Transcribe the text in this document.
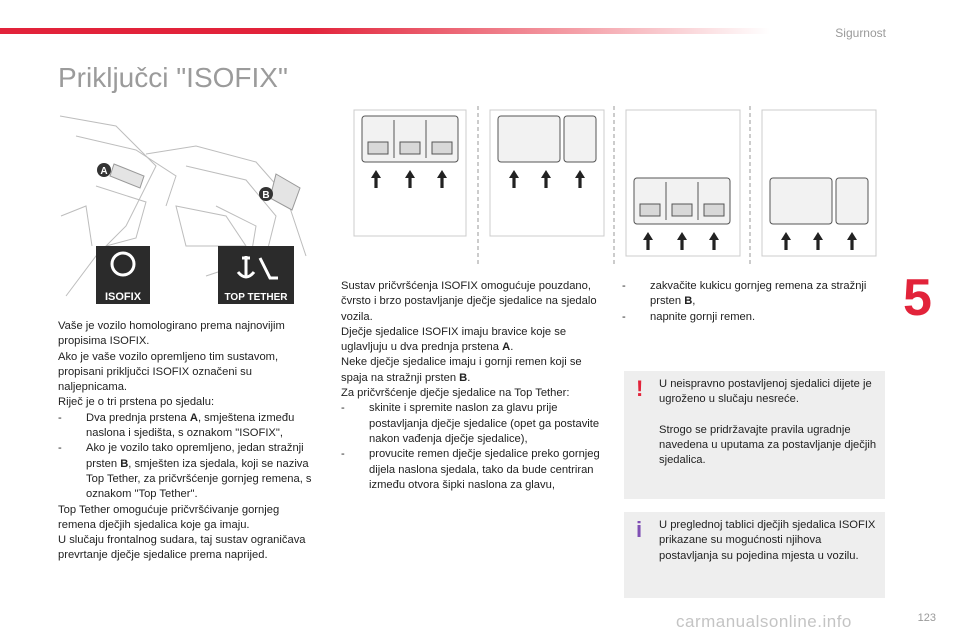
Sigurnost
5
Priključci "ISOFIX"
A
B
ISOFIX	TOP TETHER

Vaše je vozilo homologirano prema najnovijim propisima ISOFIX.

Ako je vaše vozilo opremljeno tim sustavom, propisani priključci ISOFIX označeni su naljepnicama.

Riječ je o tri prstena po sjedalu:

- Dva prednja prstena A, smještena između naslona i sjedišta, s oznakom "ISOFIX",

- Ako je vozilo tako opremljeno, jedan stražnji prsten B, smješten iza sjedala, koji se naziva Top Tether, za pričvršćenje gornjeg remena, s oznakom "Top Tether".

Top Tether omogućuje pričvršćivanje gornjeg remena dječjih sjedalica koje ga imaju.

U slučaju frontalnog sudara, taj sustav ograničava prevrtanje dječje sjedalice prema naprijed.

Sustav pričvršćenja ISOFIX omogućuje pouzdano, čvrsto i brzo postavljanje dječje sjedalice na sjedalo vozila.

Dječje sjedalice ISOFIX imaju bravice koje se uglavljuju u dva prednja prstena A.

Neke dječje sjedalice imaju i gornji remen koji se spaja na stražnji prsten B.

Za pričvršćenje dječje sjedalice na Top Tether:

- skinite i spremite naslon za glavu prije postavljanja dječje sjedalice (opet ga postavite nakon vađenja dječje sjedalice),

- provucite remen dječje sjedalice preko gornjeg dijela naslona sjedala, tako da bude centriran između otvora šipki naslona za glavu,

- zakvačite kukicu gornjeg remena za stražnji prsten B,

- napnite gornji remen.

! U neispravno postavljenoj sjedalici dijete je ugroženo u slučaju nesreće.

Strogo se pridržavajte pravila ugradnje navedena u uputama za postavljanje dječjih sjedalica.

i U preglednoj tablici dječjih sjedalica ISOFIX prikazane su mogućnosti njihova postavljanja su pojedina mjesta u vozilu.

carmanualsonline.info	123
